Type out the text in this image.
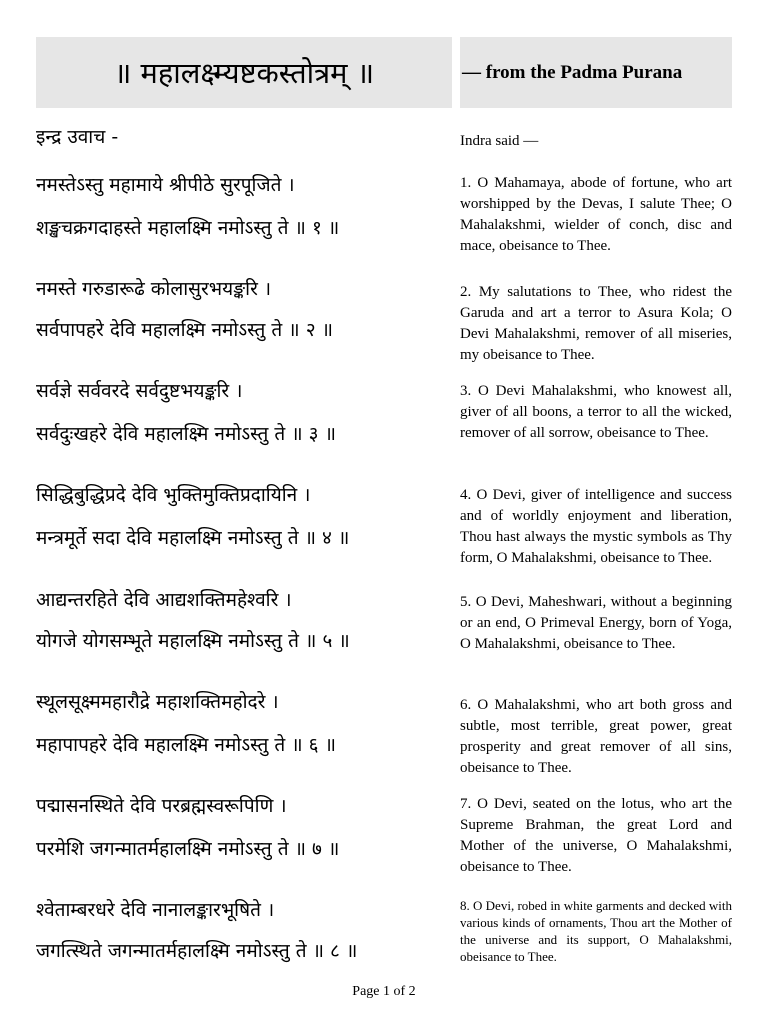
॥ महालक्ष्म्यष्टकस्तोत्रम् ॥	— from the Padma Purana
इन्द्र उवाच -
नमस्तेऽस्तु महामाये श्रीपीठे सुरपूजिते ।
शङ्खचक्रगदाहस्ते महालक्ष्मि नमोऽस्तु ते ॥ १ ॥
नमस्ते गरुडारूढे कोलासुरभयङ्करि ।
सर्वपापहरे देवि महालक्ष्मि नमोऽस्तु ते ॥ २ ॥
सर्वज्ञे सर्ववरदे सर्वदुष्टभयङ्करि ।
सर्वदुःखहरे देवि महालक्ष्मि नमोऽस्तु ते ॥ ३ ॥
सिद्धिबुद्धिप्रदे देवि भुक्तिमुक्तिप्रदायिनि ।
मन्त्रमूर्ते सदा देवि महालक्ष्मि नमोऽस्तु ते ॥ ४ ॥
आद्यन्तरहिते देवि आद्यशक्तिमहेश्वरि ।
योगजे योगसम्भूते महालक्ष्मि नमोऽस्तु ते ॥ ५ ॥
स्थूलसूक्ष्ममहारौद्रे महाशक्तिमहोदरे ।
महापापहरे देवि महालक्ष्मि नमोऽस्तु ते ॥ ६ ॥
पद्मासनस्थिते देवि परब्रह्मस्वरूपिणि ।
परमेशि जगन्मातर्महालक्ष्मि नमोऽस्तु ते ॥ ७ ॥
श्वेताम्बरधरे देवि नानालङ्कारभूषिते ।
जगत्स्थिते जगन्मातर्महालक्ष्मि नमोऽस्तु ते ॥ ८ ॥
Indra said —
1. O Mahamaya, abode of fortune, who art worshipped by the Devas, I salute Thee; O Mahalakshmi, wielder of conch, disc and mace, obeisance to Thee.
2. My salutations to Thee, who ridest the Garuda and art a terror to Asura Kola; O Devi Mahalakshmi, remover of all miseries, my obeisance to Thee.
3. O Devi Mahalakshmi, who knowest all, giver of all boons, a terror to all the wicked, remover of all sorrow, obeisance to Thee.
4. O Devi, giver of intelligence and success and of worldly enjoyment and liberation, Thou hast always the mystic symbols as Thy form, O Mahalakshmi, obeisance to Thee.
5. O Devi, Maheshwari, without a beginning or an end, O Primeval Energy, born of Yoga, O Mahalakshmi, obeisance to Thee.
6. O Mahalakshmi, who art both gross and subtle, most terrible, great power, great prosperity and great remover of all sins, obeisance to Thee.
7. O Devi, seated on the lotus, who art the Supreme Brahman, the great Lord and Mother of the universe, O Mahalakshmi, obeisance to Thee.
8. O Devi, robed in white garments and decked with various kinds of ornaments, Thou art the Mother of the universe and its support, O Mahalakshmi, obeisance to Thee.
Page 1 of 2
